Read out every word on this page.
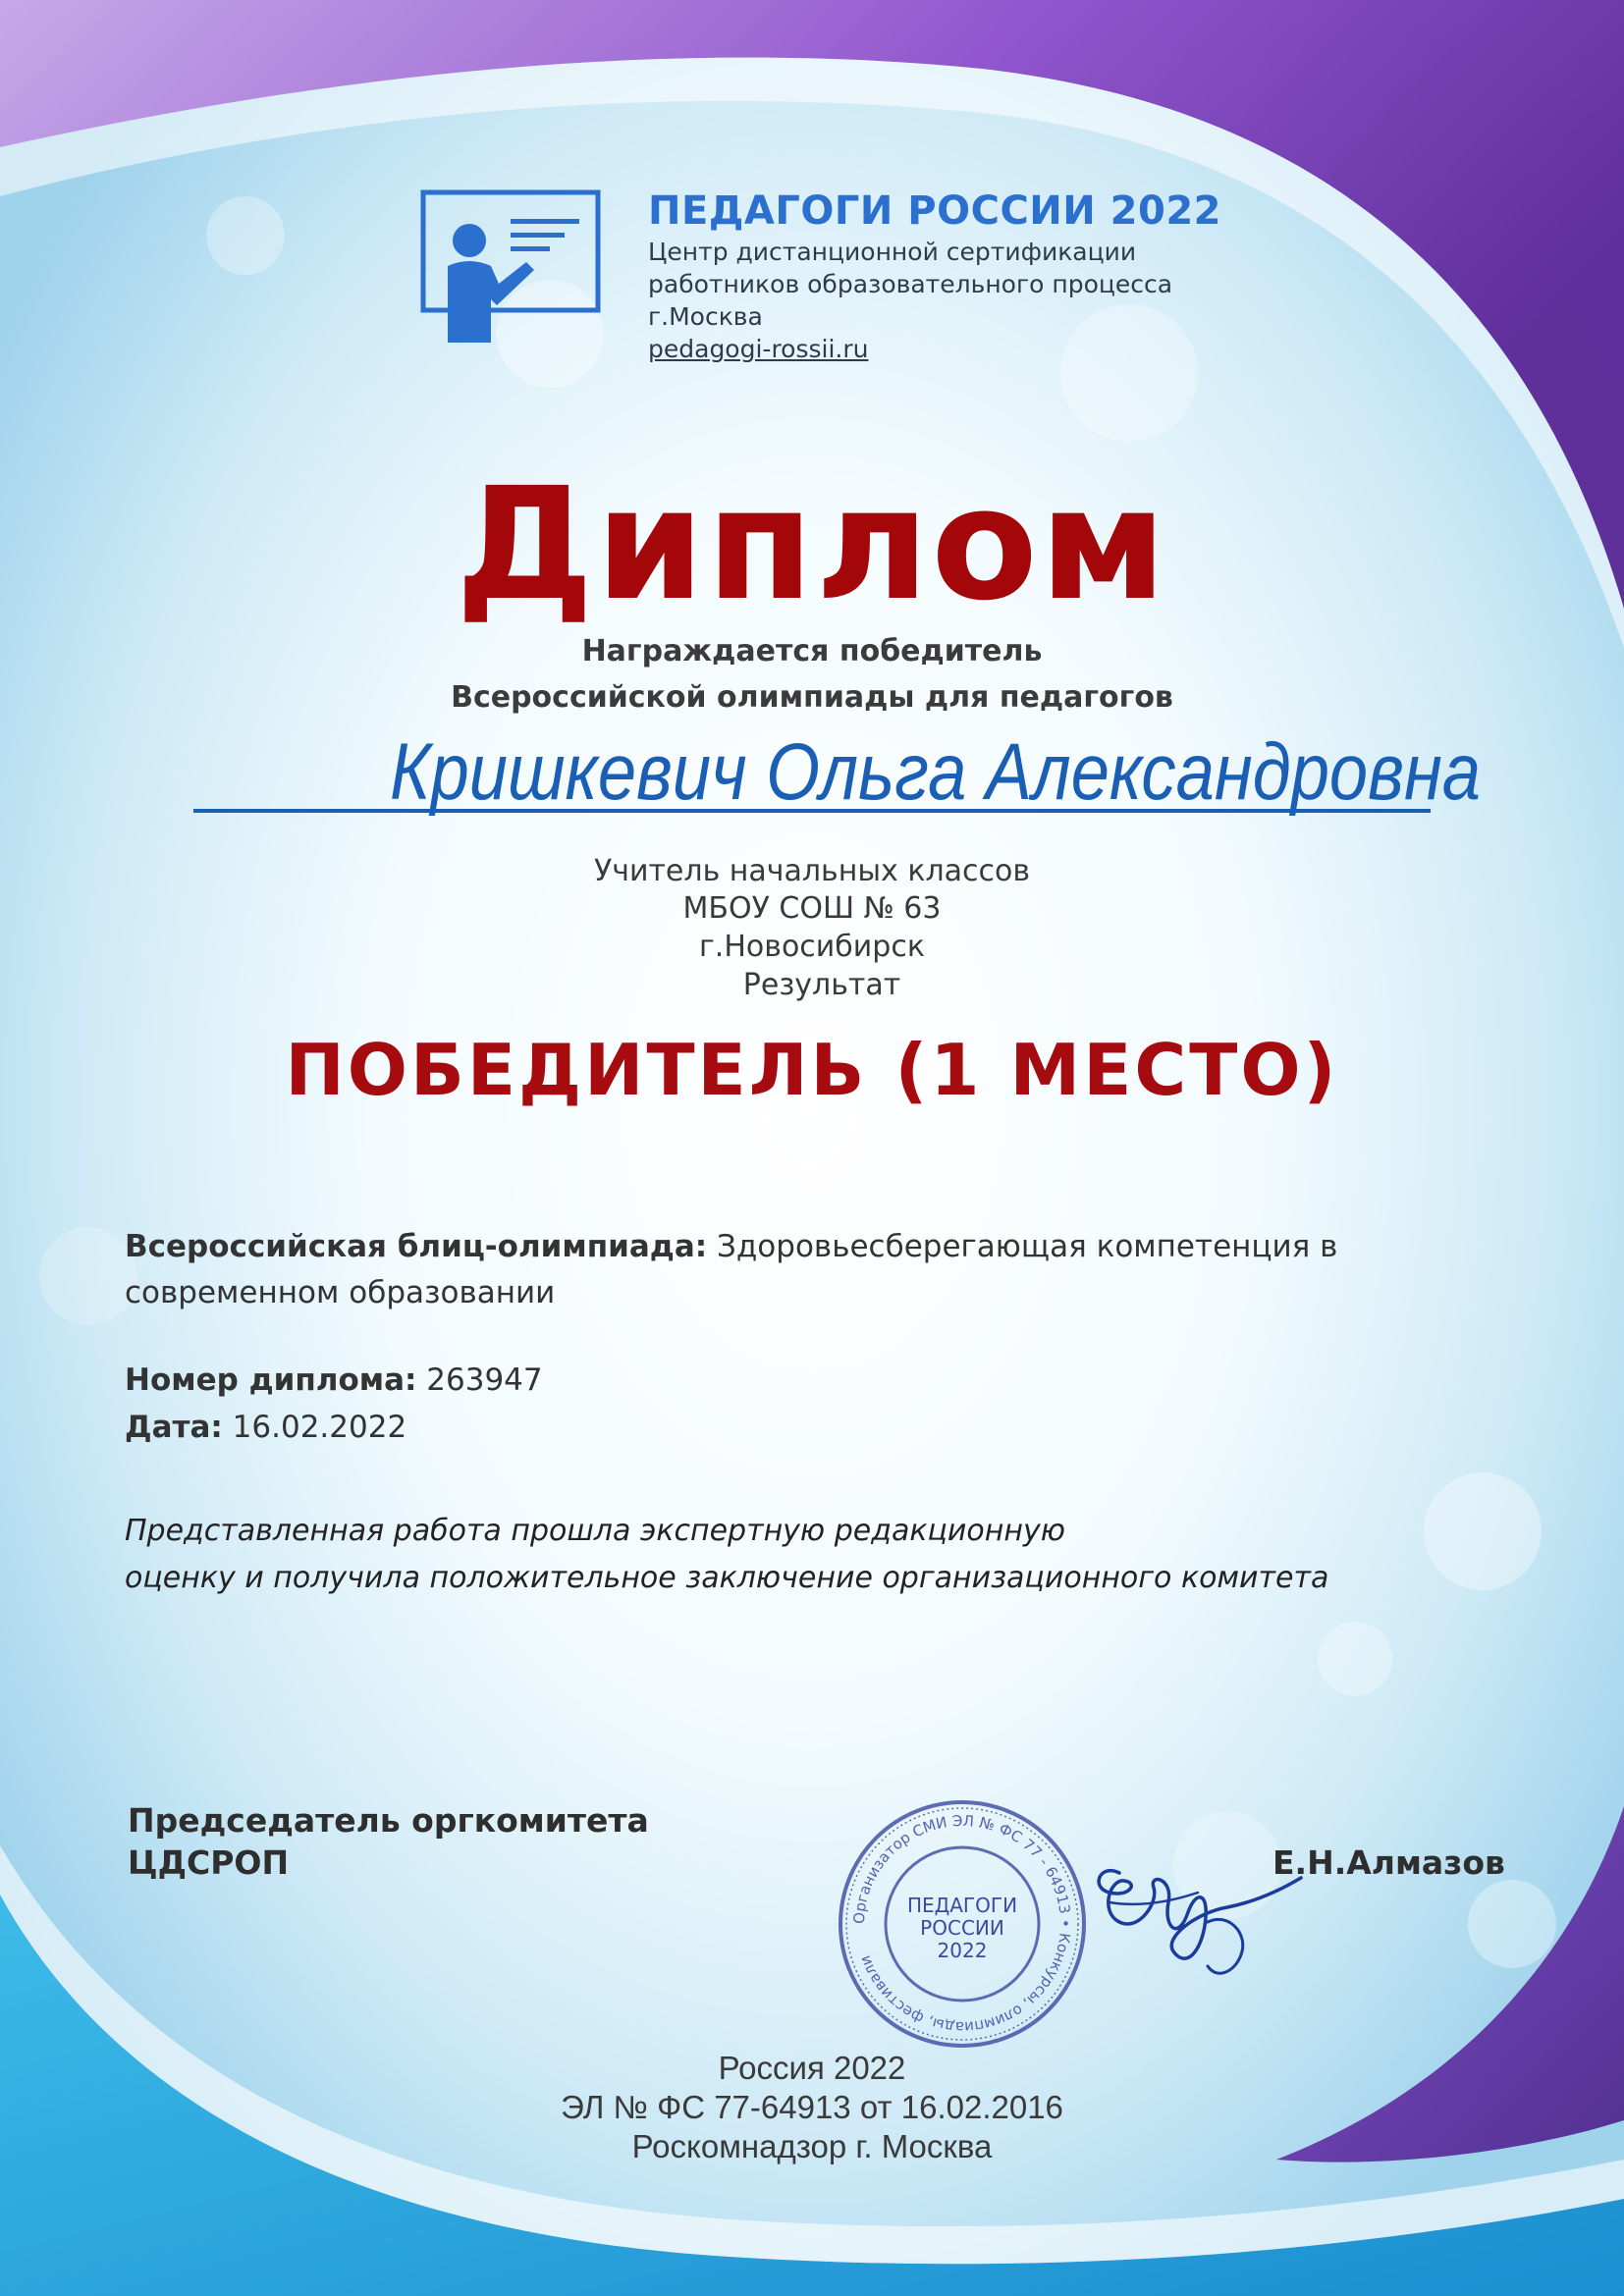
ПЕДАГОГИ РОССИИ 2022

Центр дистанционной сертификации

работников образовательного процесса

г.Москва

pedagogi-rossii.ru
Диплом

Награждается победитель

Всероссийской олимпиады для педагогов

Кришкевич Ольга Александровна

Учитель начальных классов

МБОУ СОШ № 63

г.Новосибирск

Результат

ПОБЕДИТЕЛЬ (1 МЕСТО)

Всероссийская блиц-олимпиада: Здоровьесберегающая компетенция в современном образовании

Номер диплома: 263947

Дата: 16.02.2022

Представленная работа прошла экспертную редакционную

оценку и получила положительное заключение организационного комитета

Председатель оргкомитета
ЦДСРОП
Организатор СМИ ЭЛ № ФС 77 - 64913 • Конкурсы, олимпиады, фестивали
ПЕДАГОГИ
РОССИИ
2022

Е.Н.Алмазов

Россия 2022

ЭЛ № ФС 77-64913 от 16.02.2016

Роскомнадзор г. Москва
